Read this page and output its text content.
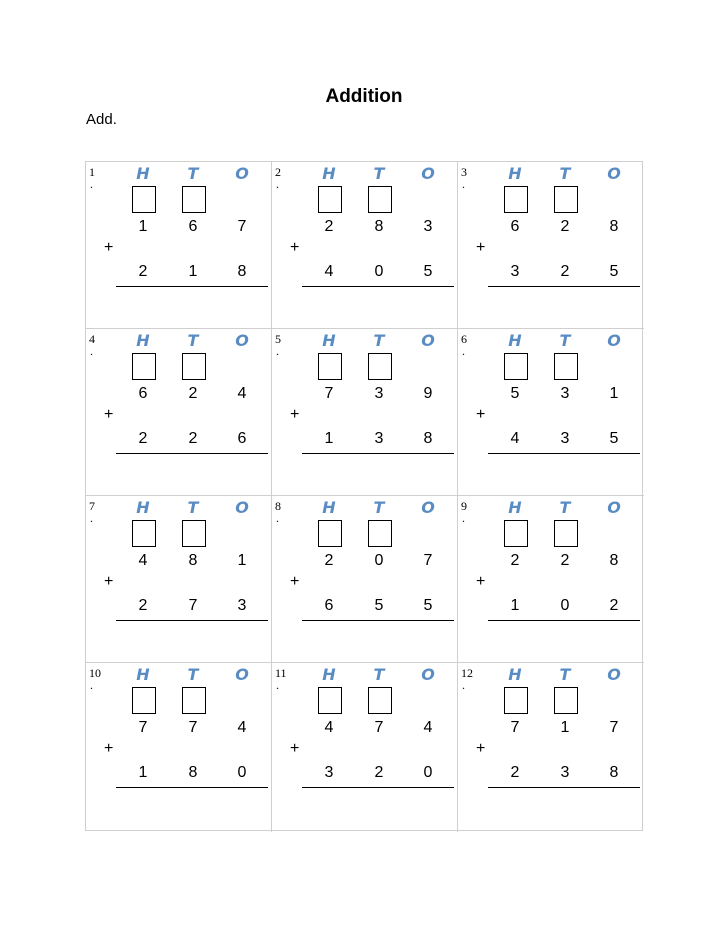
Addition
Add.
1
.
H T O
1	6	7
+
2	1	8
2
.
H T O
2	8	3
+
4	0	5
3
.
H T O
6	2	8
+
3	2	5
4
.
H T O
6	2	4
+
2	2	6
5
.
H T O
7	3	9
+
1	3	8
6
.
H T O
5	3	1
+
4	3	5
7
.
H T O
4	8	1
+
2	7	3
8
.
H T O
2	0	7
+
6	5	5
9
.
H T O
2	2	8
+
1	0	2
10
.
H T O
7	7	4
+
1	8	0
11
.
H T O
4	7	4
+
3	2	0
12
.
H T O
7	1	7
+
2	3	8
